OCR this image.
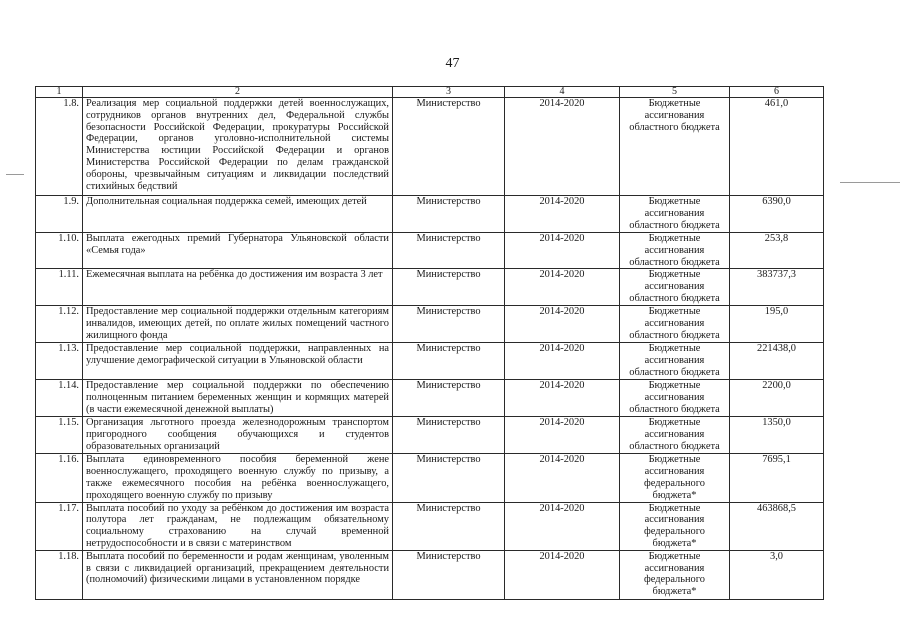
47
1	2	3	4	5	6
1.8.	Реализация мер социальной поддержки детей военнослужащих, сотрудников органов внутренних дел, Федеральной службы безопасности Российской Федерации, прокуратуры Российской Федерации, органов уголовно-исполнительной системы Министерства юстиции Российской Федерации и органов Министерства Российской Федерации по делам гражданской обороны, чрезвычайным ситуациям и ликвидации последствий стихийных бедствий	Министерство	2014-2020	Бюджетные ассигнования областного бюджета	461,0
1.9.	Дополнительная социальная поддержка семей, имеющих детей	Министерство	2014-2020	Бюджетные ассигнования областного бюджета	6390,0
1.10.	Выплата ежегодных премий Губернатора Ульяновской области «Семья года»	Министерство	2014-2020	Бюджетные ассигнования областного бюджета	253,8
1.11.	Ежемесячная выплата на ребёнка до достижения им возраста 3 лет	Министерство	2014-2020	Бюджетные ассигнования областного бюджета	383737,3
1.12.	Предоставление мер социальной поддержки отдельным категориям инвалидов, имеющих детей, по оплате жилых помещений частного жилищного фонда	Министерство	2014-2020	Бюджетные ассигнования областного бюджета	195,0
1.13.	Предоставление мер социальной поддержки, направленных на улучшение демографической ситуации в Ульяновской области	Министерство	2014-2020	Бюджетные ассигнования областного бюджета	221438,0
1.14.	Предоставление мер социальной поддержки по обеспечению полноценным питанием беременных женщин и кормящих матерей (в части ежемесячной денежной выплаты)	Министерство	2014-2020	Бюджетные ассигнования областного бюджета	2200,0
1.15.	Организация льготного проезда железнодорожным транспортом пригородного сообщения обучающихся и студентов образовательных организаций	Министерство	2014-2020	Бюджетные ассигнования областного бюджета	1350,0
1.16.	Выплата единовременного пособия беременной жене военнослужащего, проходящего военную службу по призыву, а также ежемесячного пособия на ребёнка военнослужащего, проходящего военную службу по призыву	Министерство	2014-2020	Бюджетные ассигнования федерального бюджета*	7695,1
1.17.	Выплата пособий по уходу за ребёнком до достижения им возраста полутора лет гражданам, не подлежащим обязательному социальному страхованию на случай временной нетрудоспособности и в связи с материнством	Министерство	2014-2020	Бюджетные ассигнования федерального бюджета*	463868,5
1.18.	Выплата пособий по беременности и родам женщинам, уволенным в связи с ликвидацией организаций, прекращением деятельности (полномочий) физическими лицами в установленном порядке	Министерство	2014-2020	Бюджетные ассигнования федерального бюджета*	3,0
